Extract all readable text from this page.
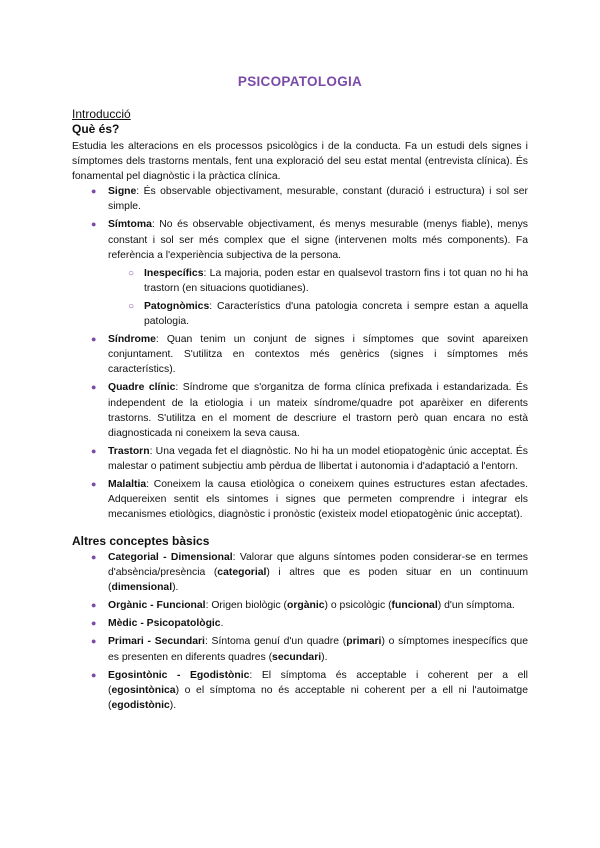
PSICOPATOLOGIA
Introducció
Què és?

Estudia les alteracions en els processos psicològics i de la conducta. Fa un estudi dels signes i símptomes dels trastorns mentals, fent una exploració del seu estat mental (entrevista clínica). És fonamental pel diagnòstic i la pràctica clínica.

● Signe: És observable objectivament, mesurable, constant (duració i estructura) i sol ser simple.
● Símtoma: No és observable objectivament, és menys mesurable (menys fiable), menys constant i sol ser més complex que el signe (intervenen molts més components). Fa referència a l'experiència subjectiva de la persona.
○ Inespecífics: La majoria, poden estar en qualsevol trastorn fins i tot quan no hi ha trastorn (en situacions quotidianes).
○ Patognòmics: Característics d'una patologia concreta i sempre estan a aquella patologia.
● Síndrome: Quan tenim un conjunt de signes i símptomes que sovint apareixen conjuntament. S'utilitza en contextos més genèrics (signes i símptomes més característics).
● Quadre clínic: Síndrome que s'organitza de forma clínica prefixada i estandarizada. És independent de la etiologia i un mateix síndrome/quadre pot aparèixer en diferents trastorns. S'utilitza en el moment de descriure el trastorn però quan encara no està diagnosticada ni coneixem la seva causa.
● Trastorn: Una vegada fet el diagnòstic. No hi ha un model etiopatogènic únic acceptat. És malestar o patiment subjectiu amb pèrdua de llibertat i autonomia i d'adaptació a l'entorn.
● Malaltia: Coneixem la causa etiològica o coneixem quines estructures estan afectades. Adquereixen sentit els sintomes i signes que permeten comprendre i integrar els mecanismes etiològics, diagnòstic i pronòstic (existeix model etiopatogènic únic acceptat).
Altres conceptes bàsics
● Categorial - Dimensional: Valorar que alguns síntomes poden considerar-se en termes d'absència/presència (categorial) i altres que es poden situar en un continuum (dimensional).
● Orgànic - Funcional: Origen biològic (orgànic) o psicològic (funcional) d'un símptoma.
● Mèdic - Psicopatològic.
● Primari - Secundari: Síntoma genuí d'un quadre (primari) o símptomes inespecífics que es presenten en diferents quadres (secundari).
● Egosintònic - Egodistònic: El símptoma és acceptable i coherent per a ell (egosintònica) o el símptoma no és acceptable ni coherent per a ell ni l'autoimatge (egodistònic).
